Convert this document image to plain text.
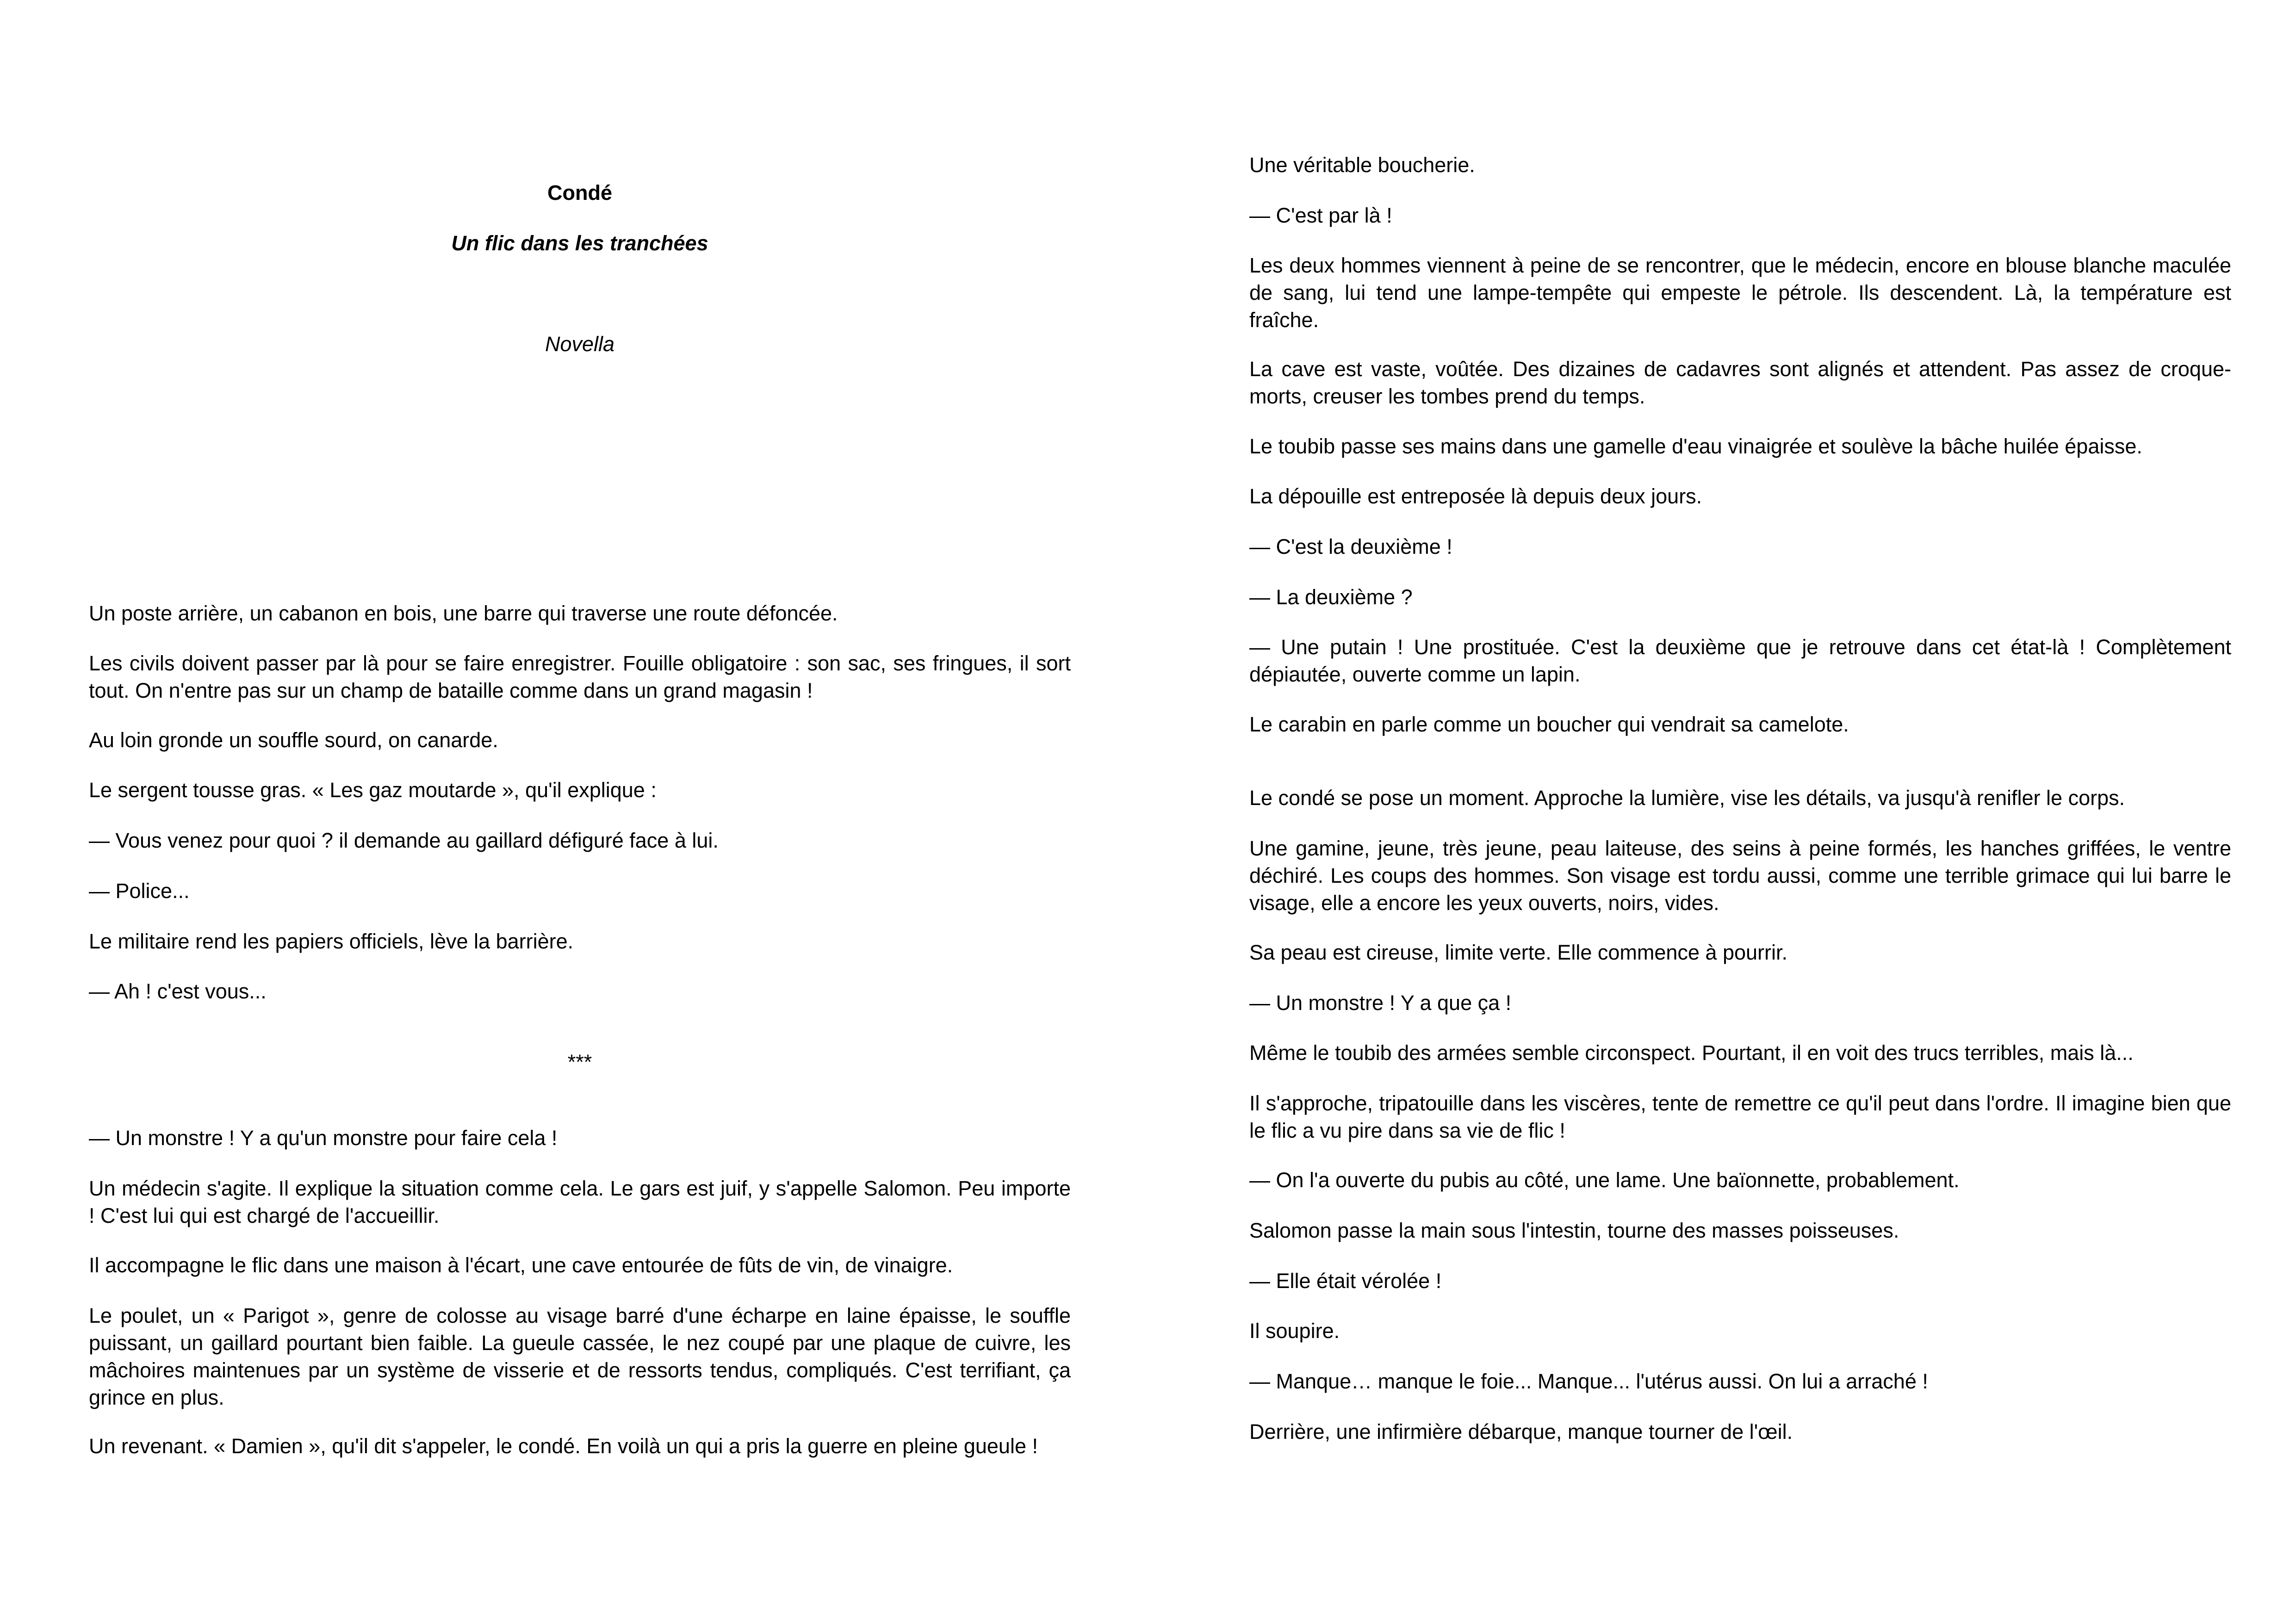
Condé
Un flic dans les tranchées
Novella

Un poste arrière, un cabanon en bois, une barre qui traverse une route défoncée.

Les civils doivent passer par là pour se faire enregistrer. Fouille obligatoire : son sac, ses fringues, il sort tout. On n'entre pas sur un champ de bataille comme dans un grand magasin !

Au loin gronde un souffle sourd, on canarde.

Le sergent tousse gras. « Les gaz moutarde », qu'il explique :

— Vous venez pour quoi ? il demande au gaillard défiguré face à lui.

— Police...

Le militaire rend les papiers officiels, lève la barrière.

— Ah ! c'est vous...

***

— Un monstre ! Y a qu'un monstre pour faire cela !

Un médecin s'agite. Il explique la situation comme cela. Le gars est juif, y s'appelle Salomon. Peu importe ! C'est lui qui est chargé de l'accueillir.

Il accompagne le flic dans une maison à l'écart, une cave entourée de fûts de vin, de vinaigre.

Le poulet, un « Parigot », genre de colosse au visage barré d'une écharpe en laine épaisse, le souffle puissant, un gaillard pourtant bien faible. La gueule cassée, le nez coupé par une plaque de cuivre, les mâchoires maintenues par un système de visserie et de ressorts tendus, compliqués. C'est terrifiant, ça grince en plus.

Un revenant. « Damien », qu'il dit s'appeler, le condé. En voilà un qui a pris la guerre en pleine gueule !

Une véritable boucherie.

— C'est par là !

Les deux hommes viennent à peine de se rencontrer, que le médecin, encore en blouse blanche maculée de sang, lui tend une lampe-tempête qui empeste le pétrole. Ils descendent. Là, la température est fraîche.

La cave est vaste, voûtée. Des dizaines de cadavres sont alignés et attendent. Pas assez de croque-morts, creuser les tombes prend du temps.

Le toubib passe ses mains dans une gamelle d'eau vinaigrée et soulève la bâche huilée épaisse.

La dépouille est entreposée là depuis deux jours.

— C'est la deuxième !

— La deuxième ?

— Une putain ! Une prostituée. C'est la deuxième que je retrouve dans cet état-là ! Complètement dépiautée, ouverte comme un lapin.

Le carabin en parle comme un boucher qui vendrait sa camelote.

Le condé se pose un moment. Approche la lumière, vise les détails, va jusqu'à renifler le corps.

Une gamine, jeune, très jeune, peau laiteuse, des seins à peine formés, les hanches griffées, le ventre déchiré. Les coups des hommes. Son visage est tordu aussi, comme une terrible grimace qui lui barre le visage, elle a encore les yeux ouverts, noirs, vides.

Sa peau est cireuse, limite verte. Elle commence à pourrir.

— Un monstre ! Y a que ça !

Même le toubib des armées semble circonspect. Pourtant, il en voit des trucs terribles, mais là...

Il s'approche, tripatouille dans les viscères, tente de remettre ce qu'il peut dans l'ordre. Il imagine bien que le flic a vu pire dans sa vie de flic !

— On l'a ouverte du pubis au côté, une lame. Une baïonnette, probablement.

Salomon passe la main sous l'intestin, tourne des masses poisseuses.

— Elle était vérolée !

Il soupire.

— Manque… manque le foie... Manque... l'utérus aussi. On lui a arraché !

Derrière, une infirmière débarque, manque tourner de l'œil.
